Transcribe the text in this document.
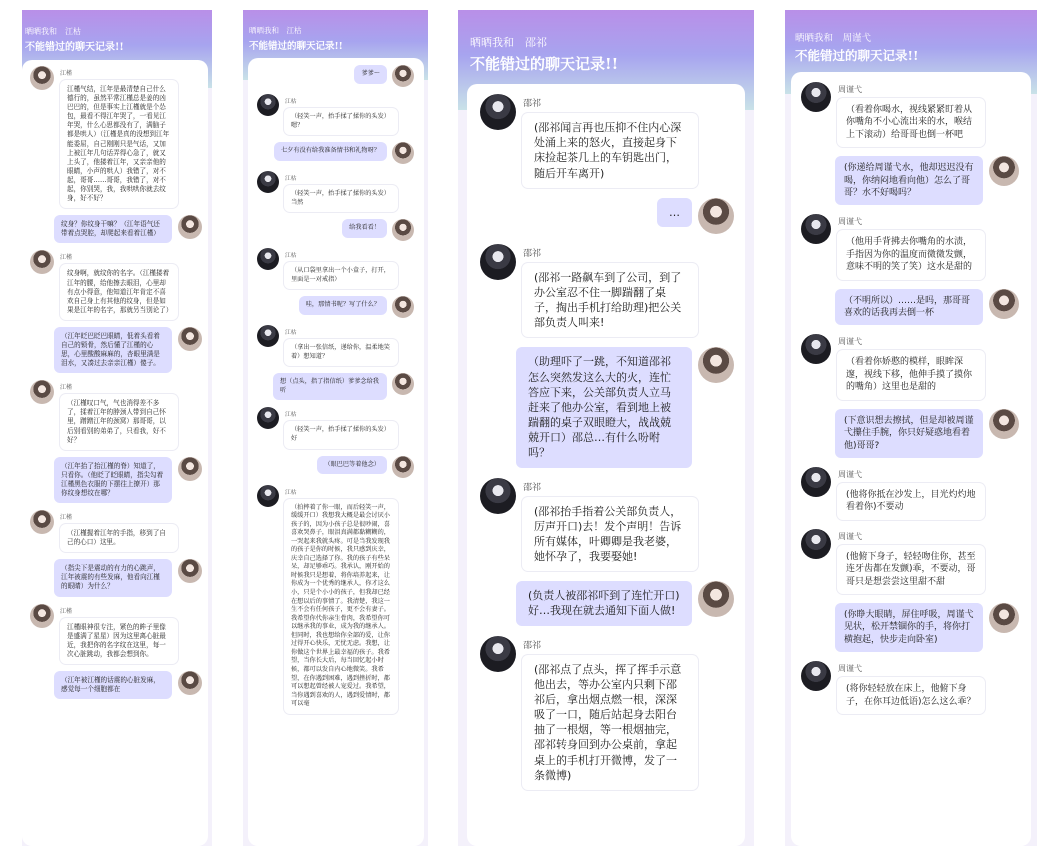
晒晒我和　江枯
不能错过的聊天记录!!
江槿
江槿气结，江年是最清楚自己什么德行的，虽然平常江槿总是姜的凶巴巴的，但是事实上江槿就是个怂包，最看不得江年哭了，一看见江年哭，什么心思都没有了，满脑子都是哄人）（江槿是真的没想到江年能委屈，自己刚刚只是气话，又加上被江年几句话弄得心急了，就又上头了，他搂着江年，又亲亲他的眼睛，小声的哄人）我错了，对不起，哥哥……哥哥，我错了，对不起，你别哭，我，我哄哄你就去纹身，好不好？
纹身？你纹身干嘛？（江年语气还带着点哭腔，却爬起来看着江槿）
江槿
纹身啊，就纹你的名字。（江槿搂着江年的腰，给他擦去眼泪，心里却有点小得意，他知道江年肯定不喜欢自己身上有其他的纹身，但是如果是江年的名字，那就另当别论了）
（江年眨巴眨巴眼睛，低着头看着自己的锁骨，然后懂了江槿的心思，心里酸酸麻麻的，杏眼里满是泪水，又凑过去亲亲江槿）傻子。
江槿
（江槿叹口气，气也消得差不多了，揉着江年的脖颈人带到自己怀里，蹭蹭江年的颈窝）那哥哥，以后别看别的弟弟了，只看我，好不好？
（江年抬了抬江槿的脊）知道了，只看你。（他眨了眨眼睛，指尖勾着江槿黑色衣服的下摆往上撩开）那你纹身想纹在哪？
江槿
（江槿握着江年的手指，移到了自己的心口）这里。
（指尖下是震动的有力的心跳声，江年被震的有些发麻，他看向江槿的眼睛）为什么？
江槿
江槿眼神很专注，紧色的眸子里像是盛满了星星）因为这里离心脏最近，我把你的名字纹在这里，每一次心脏跳动，我都会想到你。
（江年被江槿的话震的心脏发麻，感觉每一个细胞都在
晒晒我和　江枯
不能错过的聊天记录!!
爹爹～
江枯
（轻笑一声，抬手揉了揉你的头发）嗯？
七夕有没有给我准备情书和礼物呀？
江枯
（轻笑一声，抬手揉了揉你的头发）当然
给我看看！
江枯
（从口袋里拿出一个小盒子，打开，里面是一对戒指）
哇，那情书呢？写了什么？
江枯
（拿出一张信纸，递给你，温柔地笑着）想知道？
想（点头，指了指信纸）爹爹念给我听
江枯
（轻笑一声，抬手揉了揉你的头发）好
（眼巴巴等着他念）
江枯
（拍摔着了你一眼，而后轻笑一声，缓缓开口）我想我大概是最会讨厌小孩子的，因为小孩子总是很吵闹，喜喜欢哭鼻子，眼泪真满都黏糊糊的，一哭起来我就头疼。可是当我发现我的孩子是你的时候，我只感到庆幸，庆幸自己选择了你。我的孩子有些呆呆，却足够乖巧。我承认，刚开始的时候我只是想着，将你培养起来，让你成为一个优秀的继承人，你才这么小，只是个小小的孩子，但我却已经在想以后的事情了。我清楚，我这一生不会有任何孩子，更不会有妻子。我希望你代你亲生骨肉，我希望你可以继承我的事业，成为我的继承人。但同时，我也想给你全部的爱，让你过得开心快乐，无忧无虑。我想，让你做这个世界上最幸福的孩子。我希望，当你长大后，每当回忆起小时候，都可以发自内心地微笑。我希望，在你遇到困难，遇到挫折时，都可以想起曾经被人宠爱过。我希望，当你遇到喜欢的人，遇到爱情时，都可以毫
晒晒我和　邵祁
不能错过的聊天记录!!
邵祁
(邵祁闻言再也压抑不住内心深处涌上来的怒火，直接起身下床捡起茶几上的车钥匙出门，随后开车离开)
…
邵祁
(邵祁一路飙车到了公司，到了办公室忍不住一脚踹翻了桌子，掏出手机打给助理)把公关部负责人叫来!
（助理吓了一跳，不知道邵祁怎么突然发这么大的火，连忙答应下来，公关部负责人立马赶来了他办公室，看到地上被踹翻的桌子双眼瞪大，战战兢兢开口）邵总…有什么吩咐吗？
邵祁
(邵祁抬手指着公关部负责人，厉声开口)去！发个声明！告诉所有媒体，叶卿卿是我老婆，她怀孕了，我要娶她!
(负责人被邵祁吓到了连忙开口)好…我现在就去通知下面人做!
邵祁
(邵祁点了点头，挥了挥手示意他出去，等办公室内只剩下邵祁后，拿出烟点燃一根，深深吸了一口，随后站起身去阳台抽了一根烟，等一根烟抽完，邵祁转身回到办公桌前，拿起桌上的手机打开微博，发了一条微博)
晒晒我和　周谨弋
不能错过的聊天记录!!
周谨弋
（看着你喝水，视线紧紧盯着从你嘴角不小心流出来的水，喉结上下滚动）给哥哥也倒一杯吧
(你递给周谨弋水，他却迟迟没有喝，你纳闷地看向他）怎么了哥哥？水不好喝吗？
周谨弋
（他用手背拂去你嘴角的水渍，手指因为你的温度而微微发颤，意味不明的笑了笑）这水是甜的
（不明所以）……是吗，那哥哥喜欢的话我再去倒一杯
周谨弋
（看着你娇憨的模样，眼眸深邃，视线下移，他伸手摸了摸你的嘴角）这里也是甜的
(下意识想去擦拭，但是却被周谨弋攥住手腕，你只好疑惑地看着他)哥哥?
周谨弋
(他将你抵在沙发上，目光灼灼地看着你)不要动
周谨弋
(他俯下身子，轻轻吻住你，甚至连牙齿都在发颤)乖，不要动，哥哥只是想尝尝这里甜不甜
(你睁大眼睛，屏住呼吸，周谨弋见状，松开禁锢你的手，将你打横抱起，快步走向卧室)
周谨弋
(将你轻轻放在床上，他俯下身子，在你耳边低语)怎么这么乖？
